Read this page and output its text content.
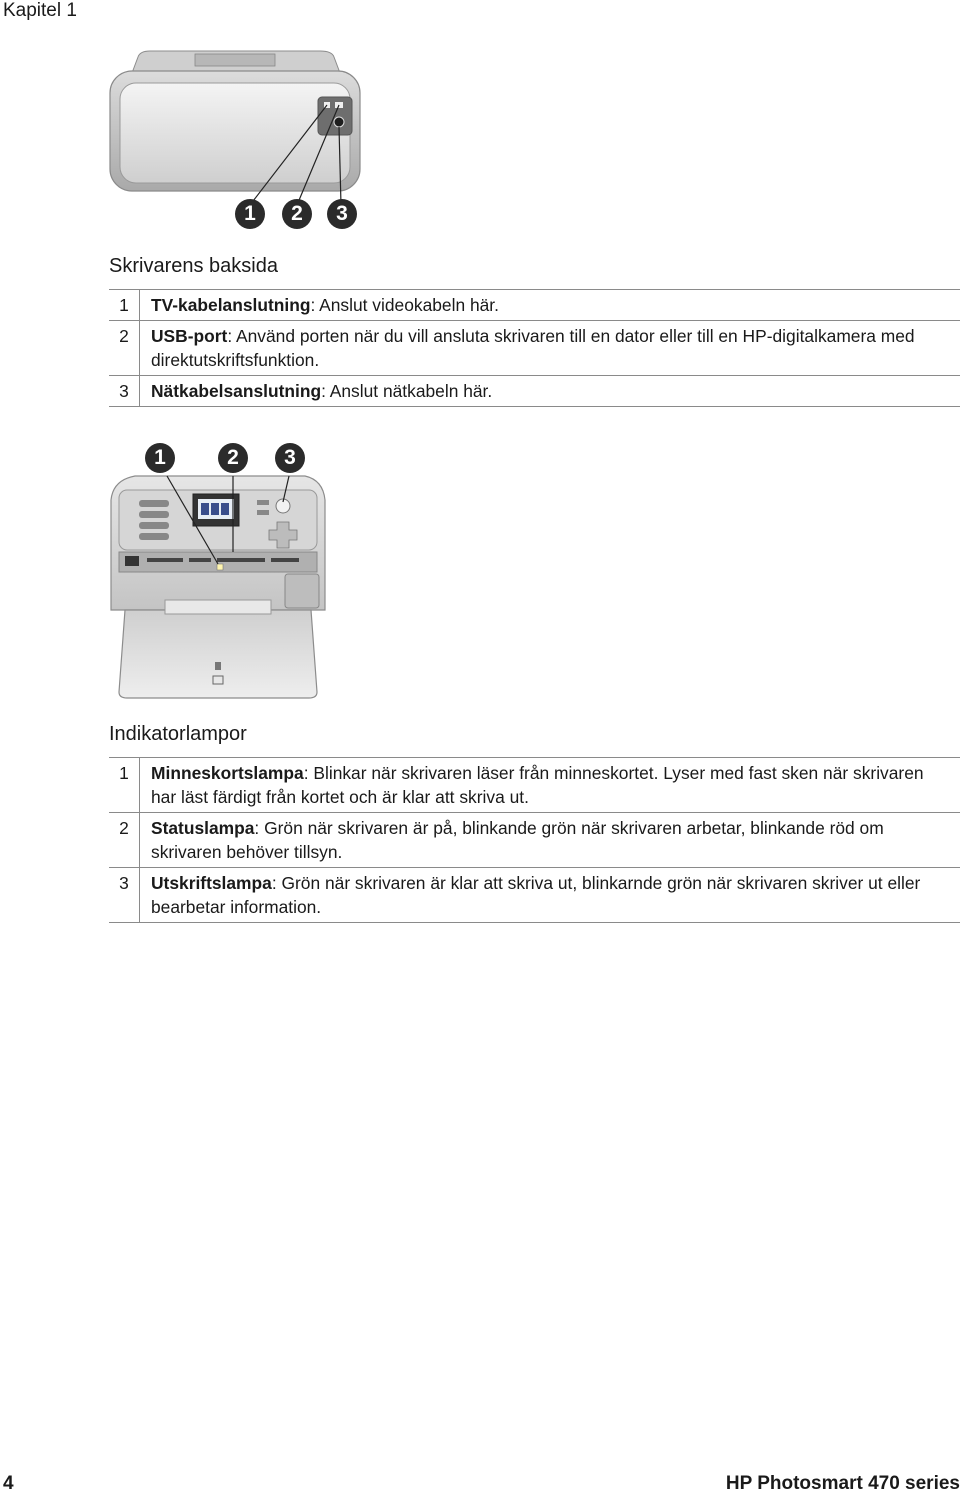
Kapitel 1
1	2	3
Skrivarens baksida
1	TV-kabelanslutning: Anslut videokabeln här.
2	USB-port: Använd porten när du vill ansluta skrivaren till en dator eller till en HP-digitalkamera med direktutskriftsfunktion.
3	Nätkabelsanslutning: Anslut nätkabeln här.
1	2	3
Indikatorlampor
1	Minneskortslampa: Blinkar när skrivaren läser från minneskortet. Lyser med fast sken när skrivaren har läst färdigt från kortet och är klar att skriva ut.
2	Statuslampa: Grön när skrivaren är på, blinkande grön när skrivaren arbetar, blinkande röd om skrivaren behöver tillsyn.
3	Utskriftslampa: Grön när skrivaren är klar att skriva ut, blinkarnde grön när skrivaren skriver ut eller bearbetar information.
4	HP Photosmart 470 series
